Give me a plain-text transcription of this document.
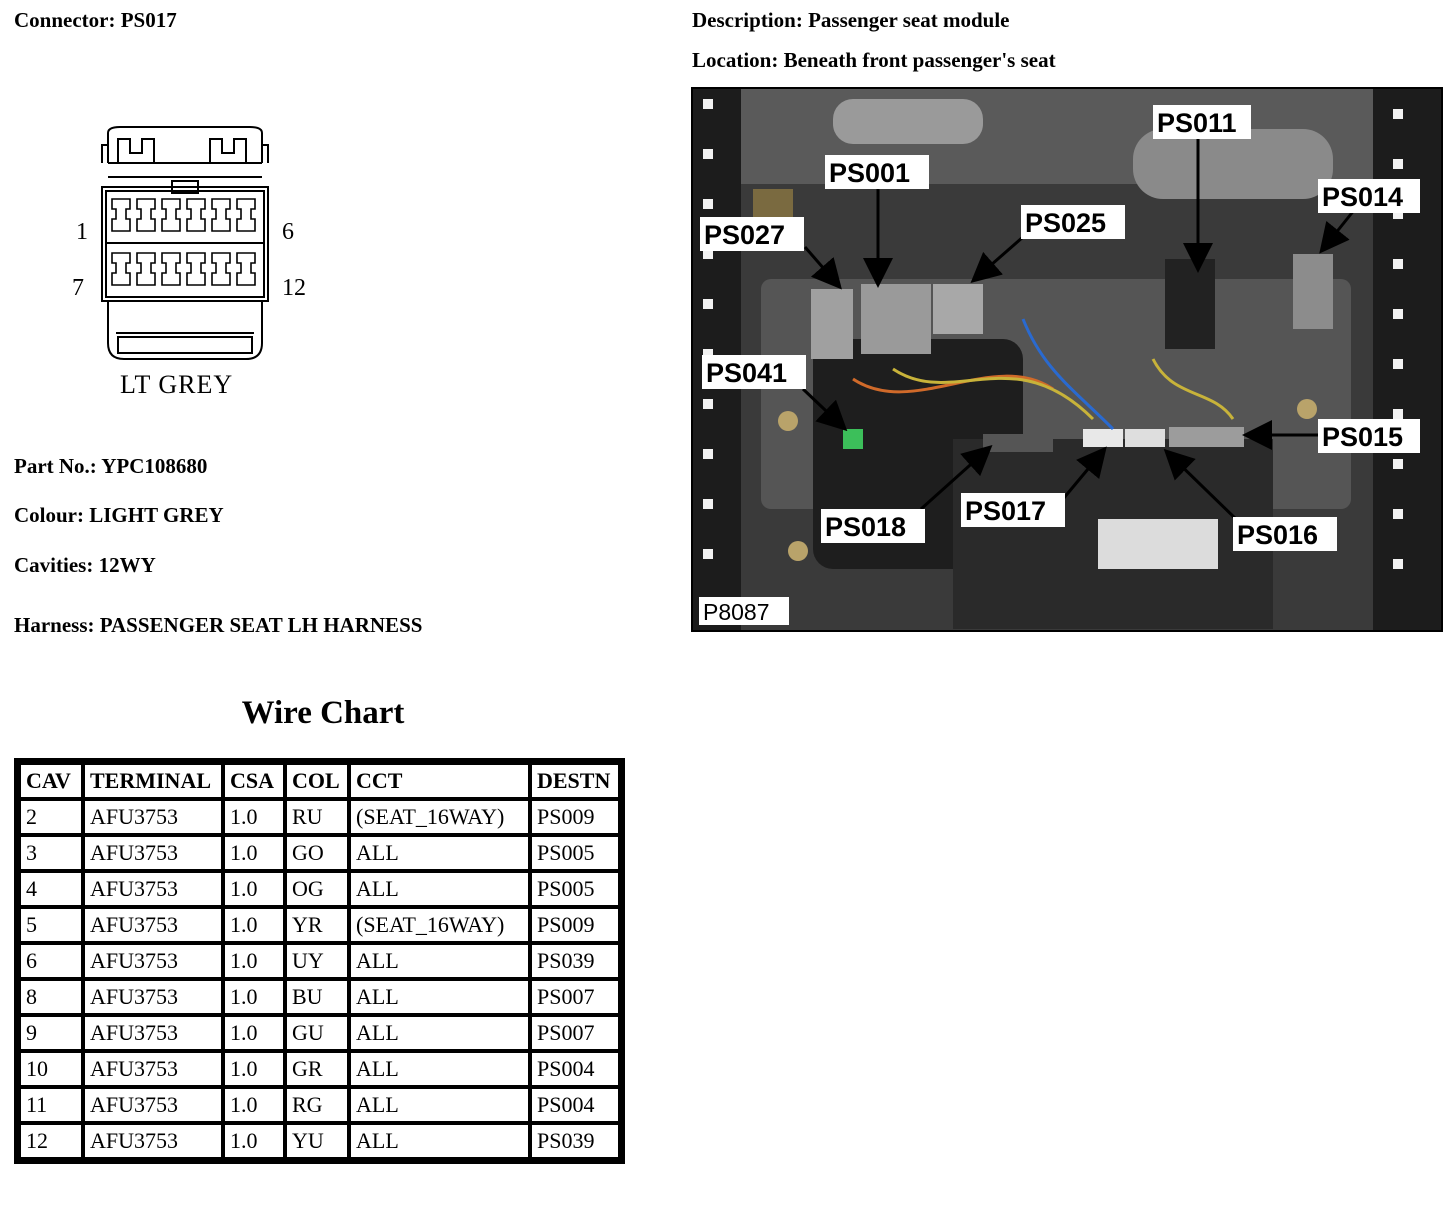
Connector: PS017	Description: Passenger seat module
Location: Beneath front passenger's seat
1	6
7	12
LT GREY
Part No.: YPC108680
Colour: LIGHT GREY
Cavities: 12WY
Harness: PASSENGER SEAT LH HARNESS
PS011
PS001
PS014
PS027	PS025
PS041
PS015
PS018
PS017
PS016
P8087
Wire Chart
CAV	TERMINAL	CSA	COL	CCT	DESTN
2	AFU3753	1.0	RU	(SEAT_16WAY)	PS009
3	AFU3753	1.0	GO	ALL	PS005
4	AFU3753	1.0	OG	ALL	PS005
5	AFU3753	1.0	YR	(SEAT_16WAY)	PS009
6	AFU3753	1.0	UY	ALL	PS039
8	AFU3753	1.0	BU	ALL	PS007
9	AFU3753	1.0	GU	ALL	PS007
10	AFU3753	1.0	GR	ALL	PS004
11	AFU3753	1.0	RG	ALL	PS004
12	AFU3753	1.0	YU	ALL	PS039
